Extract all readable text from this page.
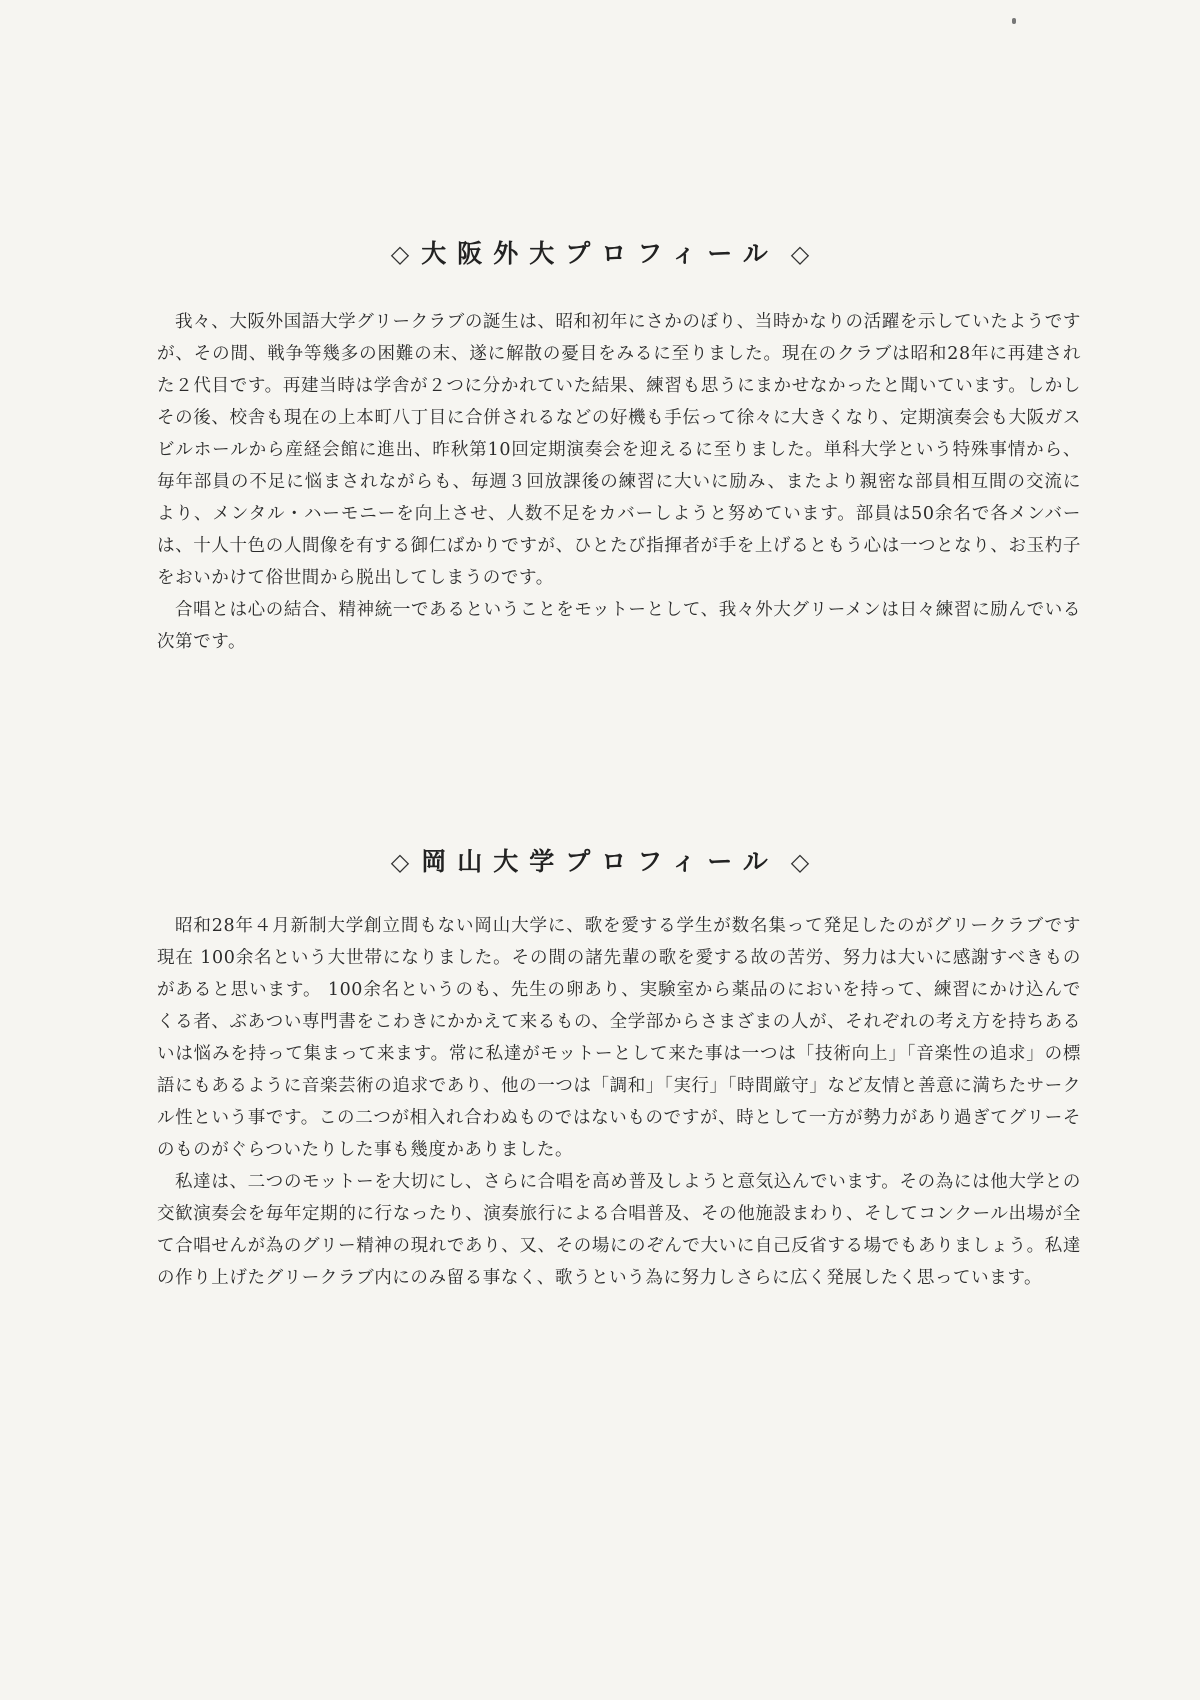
◇ 大阪外大プロフィール ◇

我々、大阪外国語大学グリークラブの誕生は、昭和初年にさかのぼり、当時かなりの活躍を示していたようですが、その間、戦争等幾多の困難の末、遂に解散の憂目をみるに至りました。現在のクラブは昭和28年に再建された２代目です。再建当時は学舎が２つに分かれていた結果、練習も思うにまかせなかったと聞いています。しかしその後、校舎も現在の上本町八丁目に合併されるなどの好機も手伝って徐々に大きくなり、定期演奏会も大阪ガスビルホールから産経会館に進出、昨秋第10回定期演奏会を迎えるに至りました。単科大学という特殊事情から、毎年部員の不足に悩まされながらも、毎週３回放課後の練習に大いに励み、またより親密な部員相互間の交流により、メンタル・ハーモニーを向上させ、人数不足をカバーしようと努めています。部員は50余名で各メンバーは、十人十色の人間像を有する御仁ばかりですが、ひとたび指揮者が手を上げるともう心は一つとなり、お玉杓子をおいかけて俗世間から脱出してしまうのです。

合唱とは心の結合、精神統一であるということをモットーとして、我々外大グリーメンは日々練習に励んでいる次第です。

◇ 岡山大学プロフィール ◇

昭和28年４月新制大学創立間もない岡山大学に、歌を愛する学生が数名集って発足したのがグリークラブです現在 100余名という大世帯になりました。その間の諸先輩の歌を愛する故の苦労、努力は大いに感謝すべきものがあると思います。 100余名というのも、先生の卵あり、実験室から薬品のにおいを持って、練習にかけ込んでくる者、ぶあつい専門書をこわきにかかえて来るもの、全学部からさまざまの人が、それぞれの考え方を持ちあるいは悩みを持って集まって来ます。常に私達がモットーとして来た事は一つは「技術向上」「音楽性の追求」の標語にもあるように音楽芸術の追求であり、他の一つは「調和」「実行」「時間厳守」など友情と善意に満ちたサークル性という事です。この二つが相入れ合わぬものではないものですが、時として一方が勢力があり過ぎてグリーそのものがぐらついたりした事も幾度かありました。

私達は、二つのモットーを大切にし、さらに合唱を高め普及しようと意気込んでいます。その為には他大学との交歓演奏会を毎年定期的に行なったり、演奏旅行による合唱普及、その他施設まわり、そしてコンクール出場が全て合唱せんが為のグリー精神の現れであり、又、その場にのぞんで大いに自己反省する場でもありましょう。私達の作り上げたグリークラブ内にのみ留る事なく、歌うという為に努力しさらに広く発展したく思っています。
